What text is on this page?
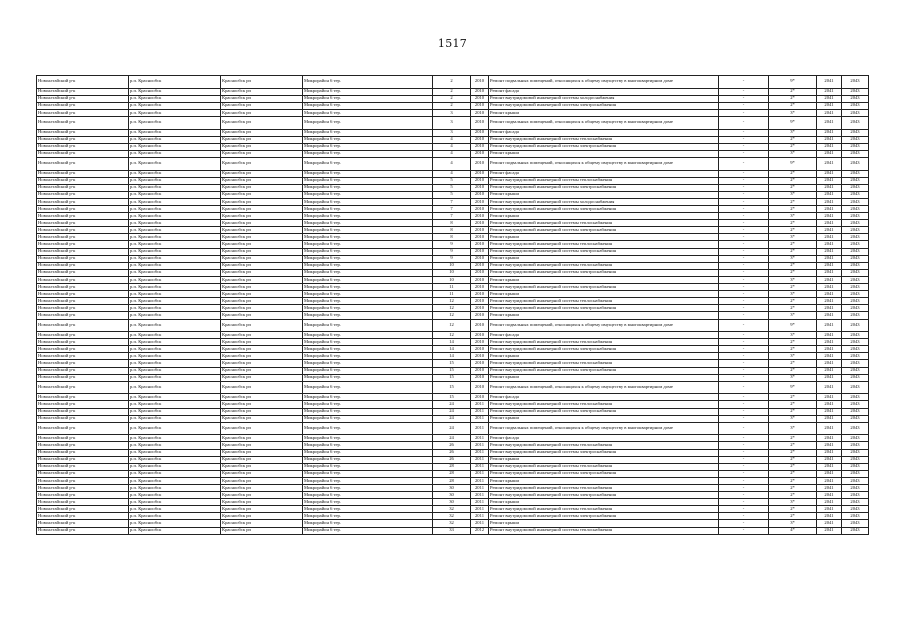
1517
Новоалтайский р-к	р.п. Краснообск	Краснообск рп	Микрорайон 6 тер.	2	2010	Ремонт подвальных помещений, относящихся к общему имуществу в многоквартирном доме	-	9*	2041	2043
Новоалтайский р-к	р.п. Краснообск	Краснообск рп	Микрорайон 6 тер.	2	2010	Ремонт фасада	-	2*	2041	2043
Новоалтайский р-к	р.п. Краснообск	Краснообск рп	Микрорайон 6 тер.	2	2010	Ремонт внутридомовой инженерной системы холодоснабжения	-	2*	2041	2043
Новоалтайский р-к	р.п. Краснообск	Краснообск рп	Микрорайон 6 тер.	2	2010	Ремонт внутридомовой инженерной системы электроснабжения	-	2*	2041	2043
Новоалтайский р-к	р.п. Краснообск	Краснообск рп	Микрорайон 6 тер.	3	2010	Ремонт крыши	-	3*	2041	2043
Новоалтайский р-к	р.п. Краснообск	Краснообск рп	Микрорайон 6 тер.	3	2010	Ремонт подвальных помещений, относящихся к общему имуществу в многоквартирном доме	-	9*	2041	2043
Новоалтайский р-к	р.п. Краснообск	Краснообск рп	Микрорайон 6 тер.	3	2010	Ремонт фасада	-	3*	2041	2043
Новоалтайский р-к	р.п. Краснообск	Краснообск рп	Микрорайон 6 тер.	4	2010	Ремонт внутридомовой инженерной системы теплоснабжения	-	2*	2041	2043
Новоалтайский р-к	р.п. Краснообск	Краснообск рп	Микрорайон 6 тер.	4	2010	Ремонт внутридомовой инженерной системы электроснабжения	-	2*	2041	2043
Новоалтайский р-к	р.п. Краснообск	Краснообск рп	Микрорайон 6 тер.	4	2010	Ремонт крыши	-	3*	2041	2043
Новоалтайский р-к	р.п. Краснообск	Краснообск рп	Микрорайон 6 тер.	4	2010	Ремонт подвальных помещений, относящихся к общему имуществу в многоквартирном доме	-	9*	2041	2043
Новоалтайский р-к	р.п. Краснообск	Краснообск рп	Микрорайон 6 тер.	4	2010	Ремонт фасада	-	2*	2041	2043
Новоалтайский р-к	р.п. Краснообск	Краснообск рп	Микрорайон 6 тер.	5	2010	Ремонт внутридомовой инженерной системы теплоснабжения	-	2*	2041	2043
Новоалтайский р-к	р.п. Краснообск	Краснообск рп	Микрорайон 6 тер.	5	2010	Ремонт внутридомовой инженерной системы электроснабжения	-	2*	2041	2043
Новоалтайский р-к	р.п. Краснообск	Краснообск рп	Микрорайон 6 тер.	5	2010	Ремонт крыши	-	3*	2041	2043
Новоалтайский р-к	р.п. Краснообск	Краснообск рп	Микрорайон 6 тер.	7	2010	Ремонт внутридомовой инженерной системы холодоснабжения	-	2*	2041	2043
Новоалтайский р-к	р.п. Краснообск	Краснообск рп	Микрорайон 6 тер.	7	2010	Ремонт внутридомовой инженерной системы электроснабжения	-	2*	2041	2043
Новоалтайский р-к	р.п. Краснообск	Краснообск рп	Микрорайон 6 тер.	7	2010	Ремонт крыши	-	3*	2041	2043
Новоалтайский р-к	р.п. Краснообск	Краснообск рп	Микрорайон 6 тер.	8	2010	Ремонт внутридомовой инженерной системы теплоснабжения	-	2*	2041	2043
Новоалтайский р-к	р.п. Краснообск	Краснообск рп	Микрорайон 6 тер.	8	2010	Ремонт внутридомовой инженерной системы электроснабжения	-	2*	2041	2043
Новоалтайский р-к	р.п. Краснообск	Краснообск рп	Микрорайон 6 тер.	8	2010	Ремонт крыши	-	3*	2041	2043
Новоалтайский р-к	р.п. Краснообск	Краснообск рп	Микрорайон 6 тер.	9	2010	Ремонт внутридомовой инженерной системы теплоснабжения	-	2*	2041	2043
Новоалтайский р-к	р.п. Краснообск	Краснообск рп	Микрорайон 6 тер.	9	2010	Ремонт внутридомовой инженерной системы электроснабжения	-	2*	2041	2043
Новоалтайский р-к	р.п. Краснообск	Краснообск рп	Микрорайон 6 тер.	9	2010	Ремонт крыши	-	3*	2041	2043
Новоалтайский р-к	р.п. Краснообск	Краснообск рп	Микрорайон 6 тер.	10	2010	Ремонт внутридомовой инженерной системы теплоснабжения	-	2*	2041	2043
Новоалтайский р-к	р.п. Краснообск	Краснообск рп	Микрорайон 6 тер.	10	2010	Ремонт внутридомовой инженерной системы электроснабжения	-	2*	2041	2043
Новоалтайский р-к	р.п. Краснообск	Краснообск рп	Микрорайон 6 тер.	10	2010	Ремонт крыши	-	3*	2041	2043
Новоалтайский р-к	р.п. Краснообск	Краснообск рп	Микрорайон 6 тер.	11	2010	Ремонт внутридомовой инженерной системы электроснабжения	-	2*	2041	2043
Новоалтайский р-к	р.п. Краснообск	Краснообск рп	Микрорайон 6 тер.	11	2010	Ремонт крыши	-	3*	2041	2043
Новоалтайский р-к	р.п. Краснообск	Краснообск рп	Микрорайон 6 тер.	12	2010	Ремонт внутридомовой инженерной системы теплоснабжения	-	2*	2041	2043
Новоалтайский р-к	р.п. Краснообск	Краснообск рп	Микрорайон 6 тер.	12	2010	Ремонт внутридомовой инженерной системы электроснабжения	-	2*	2041	2043
Новоалтайский р-к	р.п. Краснообск	Краснообск рп	Микрорайон 6 тер.	12	2010	Ремонт крыши	-	3*	2041	2043
Новоалтайский р-к	р.п. Краснообск	Краснообск рп	Микрорайон 6 тер.	12	2010	Ремонт подвальных помещений, относящихся к общему имуществу в многоквартирном доме	-	9*	2041	2043
Новоалтайский р-к	р.п. Краснообск	Краснообск рп	Микрорайон 6 тер.	12	2010	Ремонт фасада	-	3*	2041	2043
Новоалтайский р-к	р.п. Краснообск	Краснообск рп	Микрорайон 6 тер.	14	2010	Ремонт внутридомовой инженерной системы теплоснабжения	-	2*	2041	2043
Новоалтайский р-к	р.п. Краснообск	Краснообск рп	Микрорайон 6 тер.	14	2010	Ремонт внутридомовой инженерной системы электроснабжения	-	2*	2041	2043
Новоалтайский р-к	р.п. Краснообск	Краснообск рп	Микрорайон 6 тер.	14	2010	Ремонт крыши	-	3*	2041	2043
Новоалтайский р-к	р.п. Краснообск	Краснообск рп	Микрорайон 6 тер.	15	2010	Ремонт внутридомовой инженерной системы теплоснабжения	-	2*	2041	2043
Новоалтайский р-к	р.п. Краснообск	Краснообск рп	Микрорайон 6 тер.	15	2010	Ремонт внутридомовой инженерной системы электроснабжения	-	2*	2041	2043
Новоалтайский р-к	р.п. Краснообск	Краснообск рп	Микрорайон 6 тер.	15	2010	Ремонт крыши	-	3*	2041	2043
Новоалтайский р-к	р.п. Краснообск	Краснообск рп	Микрорайон 6 тер.	15	2010	Ремонт подвальных помещений, относящихся к общему имуществу в многоквартирном доме	-	9*	2041	2043
Новоалтайский р-к	р.п. Краснообск	Краснообск рп	Микрорайон 6 тер.	15	2010	Ремонт фасада	-	2*	2041	2043
Новоалтайский р-к	р.п. Краснообск	Краснообск рп	Микрорайон 6 тер.	24	2011	Ремонт внутридомовой инженерной системы теплоснабжения	-	2*	2041	2043
Новоалтайский р-к	р.п. Краснообск	Краснообск рп	Микрорайон 6 тер.	24	2011	Ремонт внутридомовой инженерной системы электроснабжения	-	2*	2041	2043
Новоалтайский р-к	р.п. Краснообск	Краснообск рп	Микрорайон 6 тер.	24	2011	Ремонт крыши	-	3*	2041	2043
Новоалтайский р-к	р.п. Краснообск	Краснообск рп	Микрорайон 6 тер.	24	2011	Ремонт подвальных помещений, относящихся к общему имуществу в многоквартирном доме	-	3*	2041	2043
Новоалтайский р-к	р.п. Краснообск	Краснообск рп	Микрорайон 6 тер.	24	2011	Ремонт фасада	-	2*	2041	2043
Новоалтайский р-к	р.п. Краснообск	Краснообск рп	Микрорайон 6 тер.	26	2011	Ремонт внутридомовой инженерной системы теплоснабжения	-	2*	2041	2043
Новоалтайский р-к	р.п. Краснообск	Краснообск рп	Микрорайон 6 тер.	26	2011	Ремонт внутридомовой инженерной системы электроснабжения	-	2*	2041	2043
Новоалтайский р-к	р.п. Краснообск	Краснообск рп	Микрорайон 6 тер.	26	2011	Ремонт крыши	-	2*	2041	2043
Новоалтайский р-к	р.п. Краснообск	Краснообск рп	Микрорайон 6 тер.	28	2011	Ремонт внутридомовой инженерной системы теплоснабжения	-	2*	2041	2043
Новоалтайский р-к	р.п. Краснообск	Краснообск рп	Микрорайон 6 тер.	28	2011	Ремонт внутридомовой инженерной системы электроснабжения	-	2*	2041	2043
Новоалтайский р-к	р.п. Краснообск	Краснообск рп	Микрорайон 6 тер.	28	2011	Ремонт крыши	-	2*	2041	2043
Новоалтайский р-к	р.п. Краснообск	Краснообск рп	Микрорайон 6 тер.	30	2011	Ремонт внутридомовой инженерной системы теплоснабжения	-	2*	2041	2043
Новоалтайский р-к	р.п. Краснообск	Краснообск рп	Микрорайон 6 тер.	30	2011	Ремонт внутридомовой инженерной системы электроснабжения	-	2*	2041	2043
Новоалтайский р-к	р.п. Краснообск	Краснообск рп	Микрорайон 6 тер.	30	2011	Ремонт крыши	-	3*	2041	2043
Новоалтайский р-к	р.п. Краснообск	Краснообск рп	Микрорайон 6 тер.	32	2011	Ремонт внутридомовой инженерной системы теплоснабжения	-	2*	2041	2043
Новоалтайский р-к	р.п. Краснообск	Краснообск рп	Микрорайон 6 тер.	32	2011	Ремонт внутридомовой инженерной системы электроснабжения	-	2*	2041	2043
Новоалтайский р-к	р.п. Краснообск	Краснообск рп	Микрорайон 6 тер.	32	2011	Ремонт крыши	-	3*	2041	2043
Новоалтайский р-к	р.п. Краснообск	Краснообск рп	Микрорайон 6 тер.	33	2012	Ремонт внутридомовой инженерной системы теплоснабжения	-	4*	2041	2043
